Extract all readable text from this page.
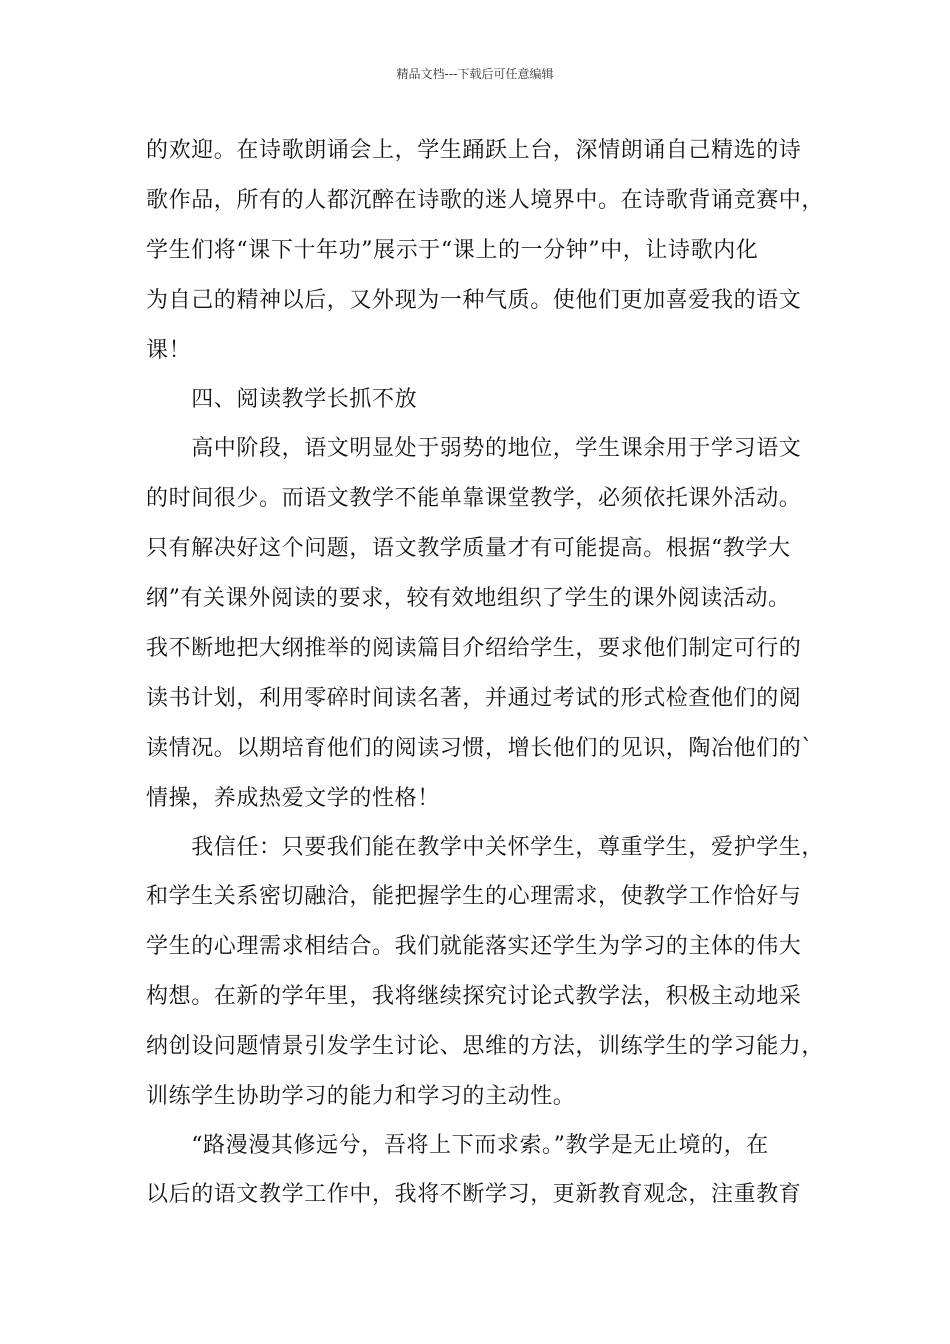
精品文档---下载后可任意编辑
的欢迎。在诗歌朗诵会上，学生踊跃上台，深情朗诵自己精选的诗
歌作品，所有的人都沉醉在诗歌的迷人境界中。在诗歌背诵竞赛中，
学生们将“课下十年功”展示于“课上的一分钟”中，让诗歌内化
为自己的精神以后，又外现为一种气质。使他们更加喜爱我的语文
课！
　　四、阅读教学长抓不放
　　高中阶段，语文明显处于弱势的地位，学生课余用于学习语文
的时间很少。而语文教学不能单靠课堂教学，必须依托课外活动。
只有解决好这个问题，语文教学质量才有可能提高。根据“教学大
纲”有关课外阅读的要求，较有效地组织了学生的课外阅读活动。
我不断地把大纲推举的阅读篇目介绍给学生，要求他们制定可行的
读书计划，利用零碎时间读名著，并通过考试的形式检查他们的阅
读情况。以期培育他们的阅读习惯，增长他们的见识，陶冶他们的`
情操，养成热爱文学的性格！
　　我信任：只要我们能在教学中关怀学生，尊重学生，爱护学生，
和学生关系密切融洽，能把握学生的心理需求，使教学工作恰好与
学生的心理需求相结合。我们就能落实还学生为学习的主体的伟大
构想。在新的学年里，我将继续探究讨论式教学法，积极主动地采
纳创设问题情景引发学生讨论、思维的方法，训练学生的学习能力，
训练学生协助学习的能力和学习的主动性。
　　“路漫漫其修远兮，吾将上下而求索。”教学是无止境的，在
以后的语文教学工作中，我将不断学习，更新教育观念，注重教育
